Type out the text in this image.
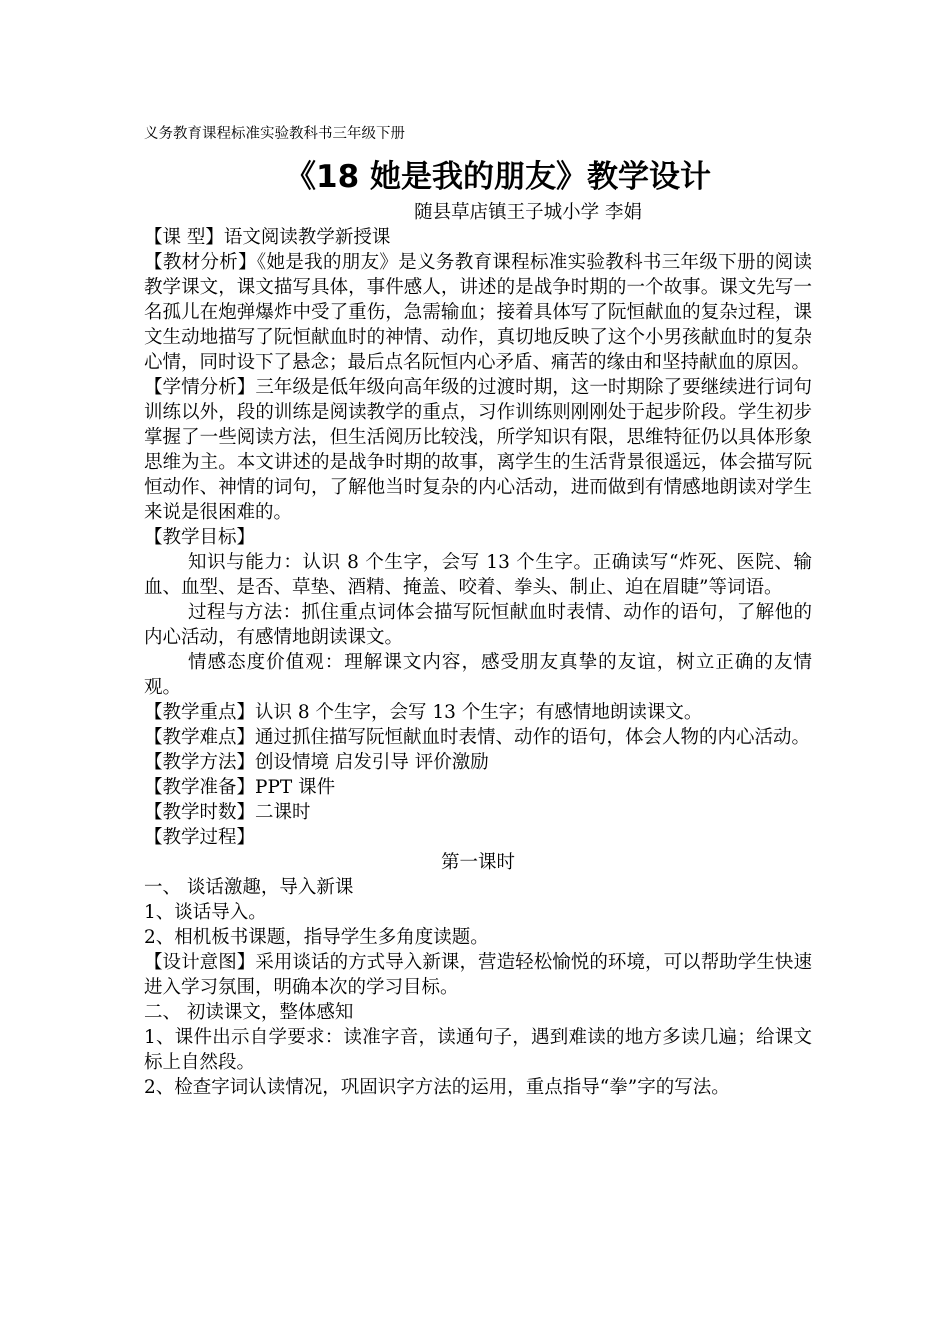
义务教育课程标准实验教科书三年级下册

《18 她是我的朋友》教学设计

随县草店镇王子城小学 李娟

【课 型】语文阅读教学新授课

【教材分析】《她是我的朋友》是义务教育课程标准实验教科书三年级下册的阅读教学课文，课文描写具体，事件感人，讲述的是战争时期的一个故事。课文先写一名孤儿在炮弹爆炸中受了重伤，急需输血；接着具体写了阮恒献血的复杂过程，课文生动地描写了阮恒献血时的神情、动作，真切地反映了这个小男孩献血时的复杂心情，同时设下了悬念；最后点名阮恒内心矛盾、痛苦的缘由和坚持献血的原因。

【学情分析】三年级是低年级向高年级的过渡时期，这一时期除了要继续进行词句训练以外，段的训练是阅读教学的重点，习作训练则刚刚处于起步阶段。学生初步掌握了一些阅读方法，但生活阅历比较浅，所学知识有限，思维特征仍以具体形象思维为主。本文讲述的是战争时期的故事，离学生的生活背景很遥远，体会描写阮恒动作、神情的词句，了解他当时复杂的内心活动，进而做到有情感地朗读对学生来说是很困难的。

【教学目标】

知识与能力：认识 8 个生字，会写 13 个生字。正确读写“炸死、医院、输血、血型、是否、草垫、酒精、掩盖、咬着、拳头、制止、迫在眉睫”等词语。

过程与方法：抓住重点词体会描写阮恒献血时表情、动作的语句，了解他的内心活动，有感情地朗读课文。

情感态度价值观：理解课文内容，感受朋友真挚的友谊，树立正确的友情观。

【教学重点】认识 8 个生字，会写 13 个生字；有感情地朗读课文。

【教学难点】通过抓住描写阮恒献血时表情、动作的语句，体会人物的内心活动。

【教学方法】创设情境 启发引导 评价激励

【教学准备】PPT 课件

【教学时数】二课时

【教学过程】

第一课时

一、 谈话激趣，导入新课

1、谈话导入。

2、相机板书课题，指导学生多角度读题。

【设计意图】采用谈话的方式导入新课，营造轻松愉悦的环境，可以帮助学生快速进入学习氛围，明确本次的学习目标。

二、 初读课文，整体感知

1、课件出示自学要求：读准字音，读通句子，遇到难读的地方多读几遍；给课文标上自然段。

2、检查字词认读情况，巩固识字方法的运用，重点指导“拳”字的写法。
